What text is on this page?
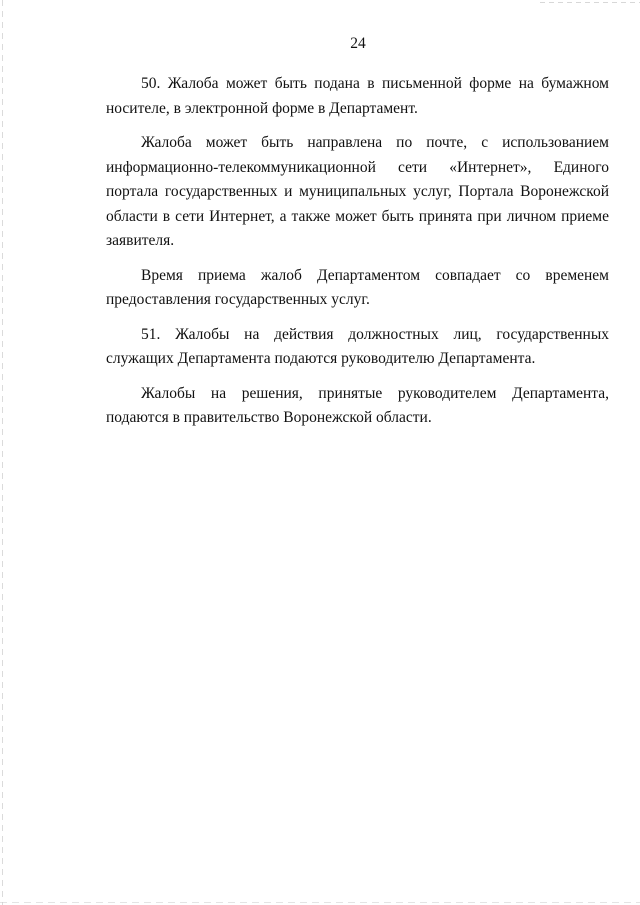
24

50. Жалоба может быть подана в письменной форме на бумажном носителе, в электронной форме в Департамент.

Жалоба может быть направлена по почте, с использованием информационно-телекоммуникационной сети «Интернет», Единого портала государственных и муниципальных услуг, Портала Воронежской области в сети Интернет, а также может быть принята при личном приеме заявителя.

Время приема жалоб Департаментом совпадает со временем предоставления государственных услуг.

51. Жалобы на действия должностных лиц, государственных служащих Департамента подаются руководителю Департамента.

Жалобы на решения, принятые руководителем Департамента, подаются в правительство Воронежской области.
